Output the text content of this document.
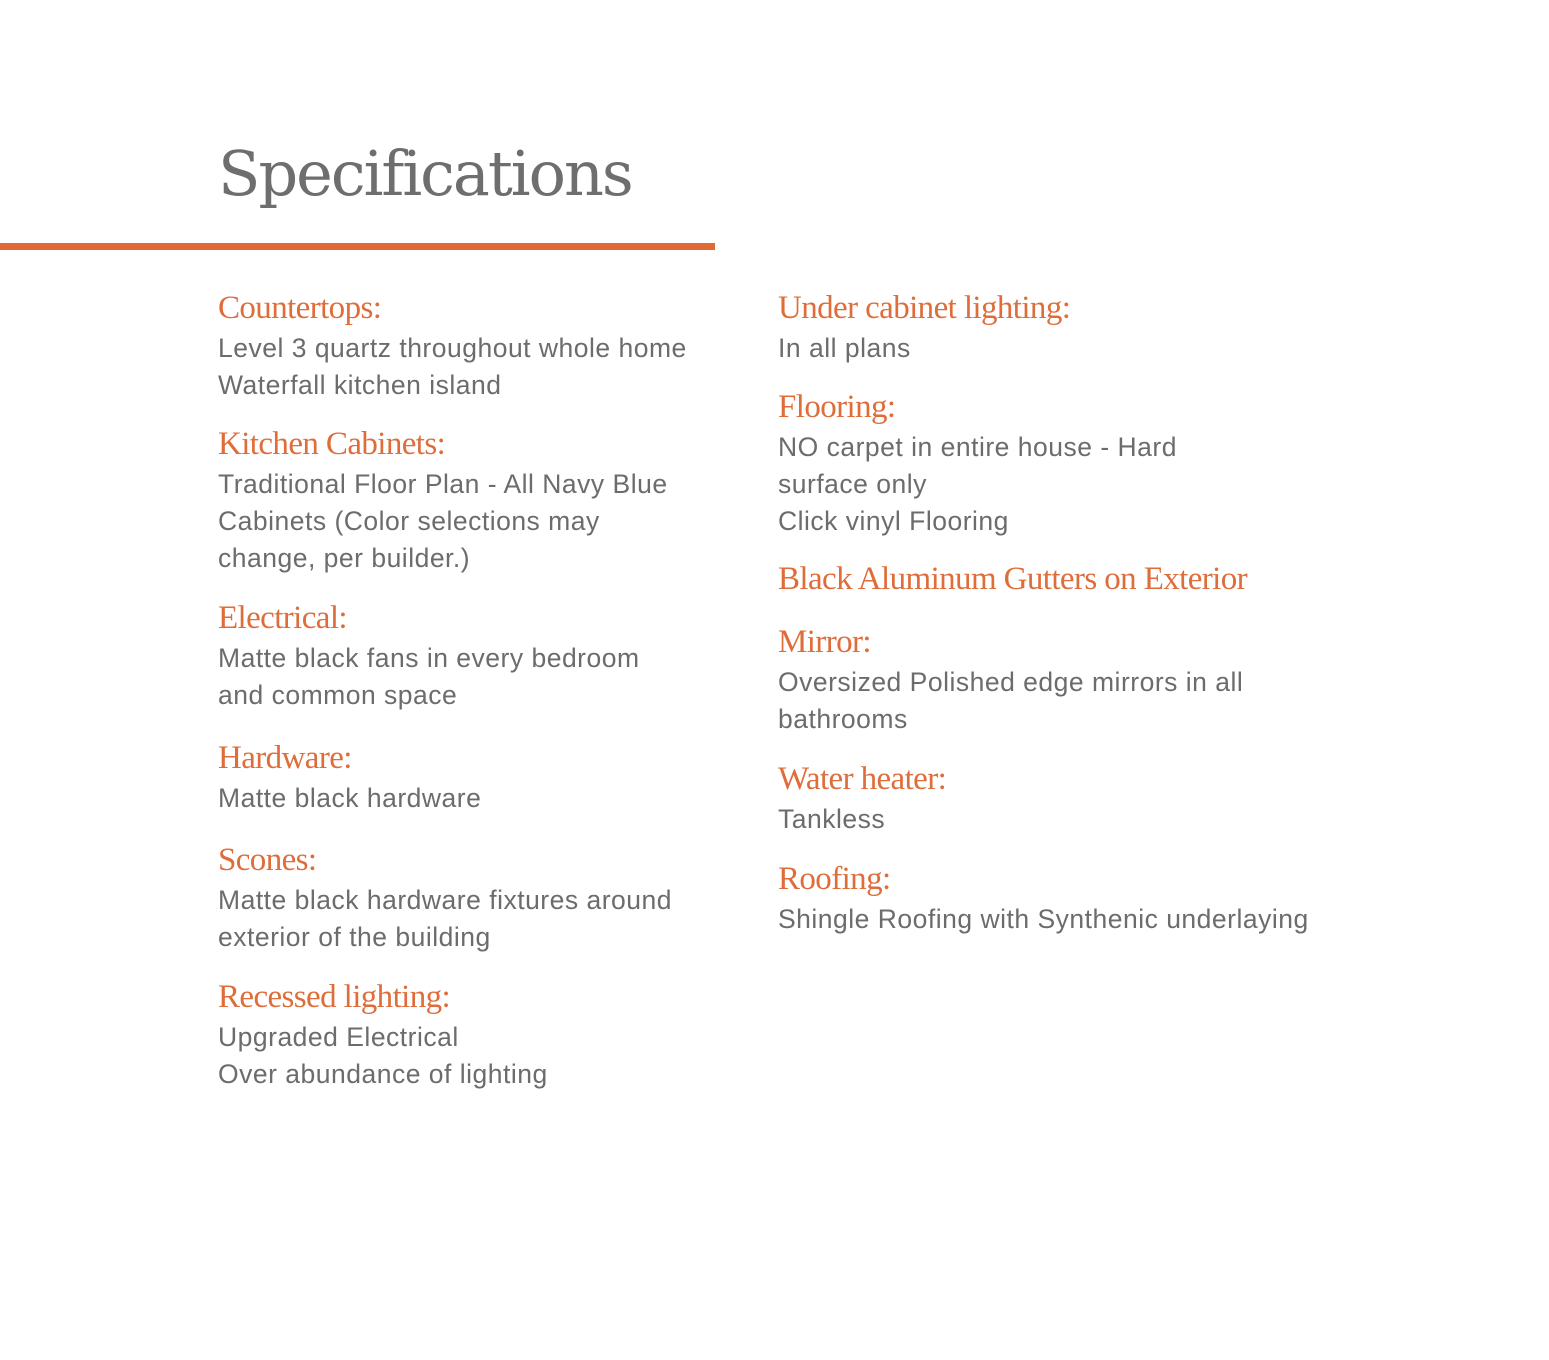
Specifications
Countertops:
Level 3 quartz throughout whole home
Waterfall kitchen island
Kitchen Cabinets:
Traditional Floor Plan - All Navy Blue
Cabinets (Color selections may
change, per builder.)
Electrical:
Matte black fans in every bedroom
and common space
Hardware:
Matte black hardware
Scones:
Matte black hardware fixtures around
exterior of the building
Recessed lighting:
Upgraded Electrical
Over abundance of lighting
Under cabinet lighting:
In all plans
Flooring:
NO carpet in entire house - Hard
surface only
Click vinyl Flooring
Black Aluminum Gutters on Exterior
Mirror:
Oversized Polished edge mirrors in all
bathrooms
Water heater:
Tankless
Roofing:
Shingle Roofing with Synthenic underlaying
